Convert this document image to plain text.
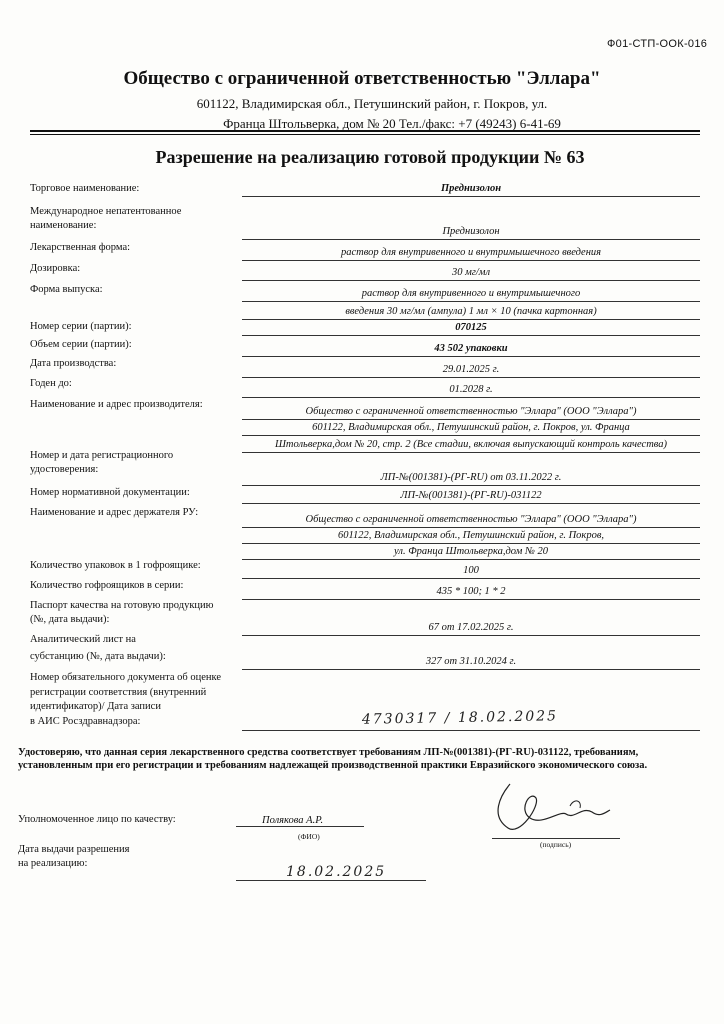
Ф01-СТП-ООК-016
Общество с ограниченной ответственностью "Эллара"
601122, Владимирская обл., Петушинский район, г. Покров, ул.
Франца Штольверка, дом № 20 Тел./факс: +7 (49243) 6-41-69
Разрешение на реализацию готовой продукции № 63
Торговое наименование:	Преднизолон
Международное непатентованное
наименование:
Преднизолон
Лекарственная форма:	раствор для внутривенного и внутримышечного введения
Дозировка:	30 мг/мл
Форма выпуска:	раствор для внутривенного и внутримышечного
введения 30 мг/мл (ампула) 1 мл × 10 (пачка картонная)
Номер серии (партии):	070125
Объем серии (партии):	43 502 упаковки
Дата производства:
29.01.2025 г.
Годен до:
01.2028 г.
Наименование и адрес производителя:
Общество с ограниченной ответственностью "Эллара" (ООО "Эллара")
601122, Владимирская обл., Петушинский район, г. Покров, ул. Франца
Штольверка,дом № 20, стр. 2 (Все стадии, включая выпускающий контроль качества)
Номер и дата регистрационного
удостоверения:
ЛП-№(001381)-(РГ-RU) от 03.11.2022 г.
Номер нормативной документации:	ЛП-№(001381)-(РГ-RU)-031122
Наименование и адрес держателя РУ:
Общество с ограниченной ответственностью "Эллара" (ООО "Эллара")
601122, Владимирская обл., Петушинский район, г. Покров,
ул. Франца Штольверка,дом № 20
Количество упаковок в 1 гофроящике:	100
Количество гофроящиков в серии:
435 * 100; 1 * 2
Паспорт качества на готовую продукцию
(№, дата выдачи):
67 от 17.02.2025 г.
Аналитический лист на
субстанцию (№, дата выдачи):	327 от 31.10.2024 г.
Номер обязательного документа об оценке
регистрации соответствия (внутренний
идентификатор)/ Дата записи
в АИС Росздравнадзора:	4730317 / 18.02.2025
Удостоверяю, что данная серия лекарственного средства соответствует требованиям ЛП-№(001381)-(РГ-RU)-031122, требованиям, установленным при его регистрации и требованиям надлежащей производственной практики Евразийского экономического союза.
Уполномоченное лицо по качеству:	Полякова А.Р.
(ФИО)
(подпись)
Дата выдачи разрешения
на реализацию:
18.02.2025
